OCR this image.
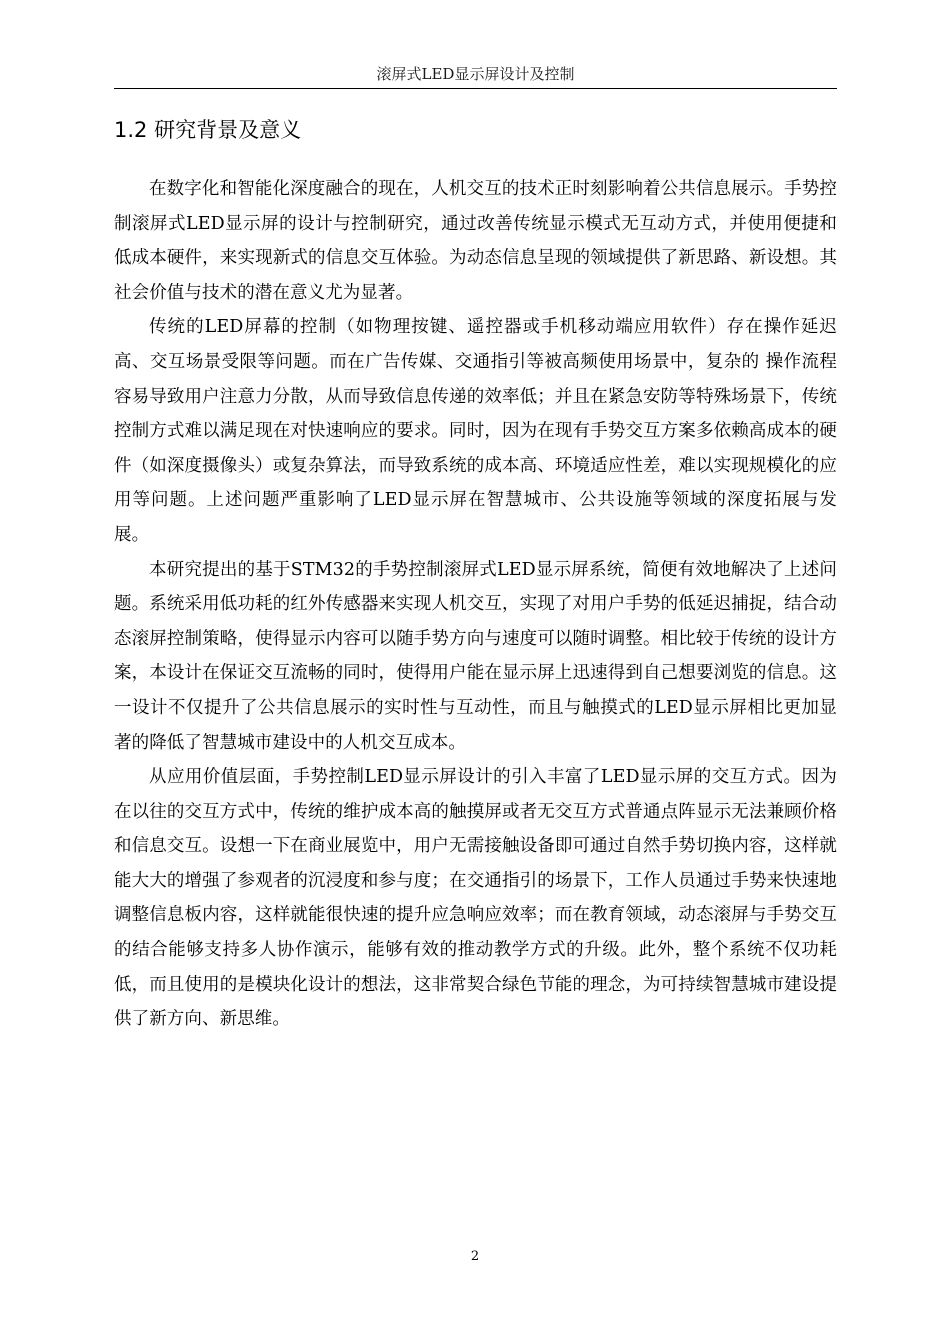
滚屏式LED显示屏设计及控制
1.2 研究背景及意义

在数字化和智能化深度融合的现在，人机交互的技术正时刻影响着公共信息展示。手势控制滚屏式LED显示屏的设计与控制研究，通过改善传统显示模式无互动方式，并使用便捷和低成本硬件，来实现新式的信息交互体验。为动态信息呈现的领域提供了新思路、新设想。其社会价值与技术的潜在意义尤为显著。

传统的LED屏幕的控制（如物理按键、遥控器或手机移动端应用软件）存在操作延迟高、交互场景受限等问题。而在广告传媒、交通指引等被高频使用场景中，复杂的 操作流程容易导致用户注意力分散，从而导致信息传递的效率低；并且在紧急安防等特殊场景下，传统控制方式难以满足现在对快速响应的要求。同时，因为在现有手势交互方案多依赖高成本的硬件（如深度摄像头）或复杂算法，而导致系统的成本高、环境适应性差，难以实现规模化的应用等问题。上述问题严重影响了LED显示屏在智慧城市、公共设施等领域的深度拓展与发展。

本研究提出的基于STM32的手势控制滚屏式LED显示屏系统，简便有效地解决了上述问题。系统采用低功耗的红外传感器来实现人机交互，实现了对用户手势的低延迟捕捉，结合动态滚屏控制策略，使得显示内容可以随手势方向与速度可以随时调整。相比较于传统的设计方案，本设计在保证交互流畅的同时，使得用户能在显示屏上迅速得到自己想要浏览的信息。这一设计不仅提升了公共信息展示的实时性与互动性，而且与触摸式的LED显示屏相比更加显著的降低了智慧城市建设中的人机交互成本。

从应用价值层面，手势控制LED显示屏设计的引入丰富了LED显示屏的交互方式。因为在以往的交互方式中，传统的维护成本高的触摸屏或者无交互方式普通点阵显示无法兼顾价格和信息交互。设想一下在商业展览中，用户无需接触设备即可通过自然手势切换内容，这样就能大大的增强了参观者的沉浸度和参与度；在交通指引的场景下，工作人员通过手势来快速地调整信息板内容，这样就能很快速的提升应急响应效率；而在教育领域，动态滚屏与手势交互的结合能够支持多人协作演示，能够有效的推动教学方式的升级。此外，整个系统不仅功耗低，而且使用的是模块化设计的想法，这非常契合绿色节能的理念，为可持续智慧城市建设提供了新方向、新思维。

2
